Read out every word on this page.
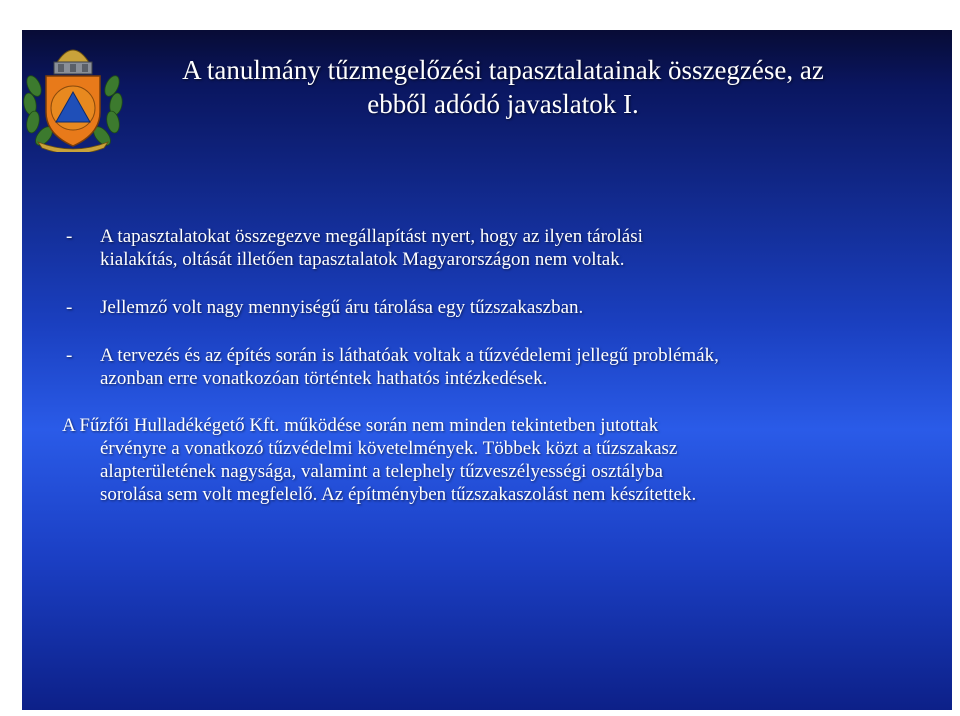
A tanulmány tűzmegelőzési tapasztalatainak összegzése, az
ebből adódó javaslatok I.
- A tapasztalatokat összegezve megállapítást nyert, hogy az ilyen tárolási
kialakítás, oltását illetően tapasztalatok Magyarországon nem voltak.
- Jellemző volt nagy mennyiségű áru tárolása egy tűzszakaszban.
- A tervezés és az építés során is láthatóak voltak a tűzvédelemi jellegű problémák,
azonban erre vonatkozóan történtek hathatós intézkedések.
A Fűzfői Hulladékégető Kft. működése során nem minden tekintetben jutottak
érvényre a vonatkozó tűzvédelmi követelmények. Többek közt a tűzszakasz
alapterületének nagysága, valamint a telephely tűzveszélyességi osztályba
sorolása sem volt megfelelő. Az építményben tűzszakaszolást nem készítettek.
